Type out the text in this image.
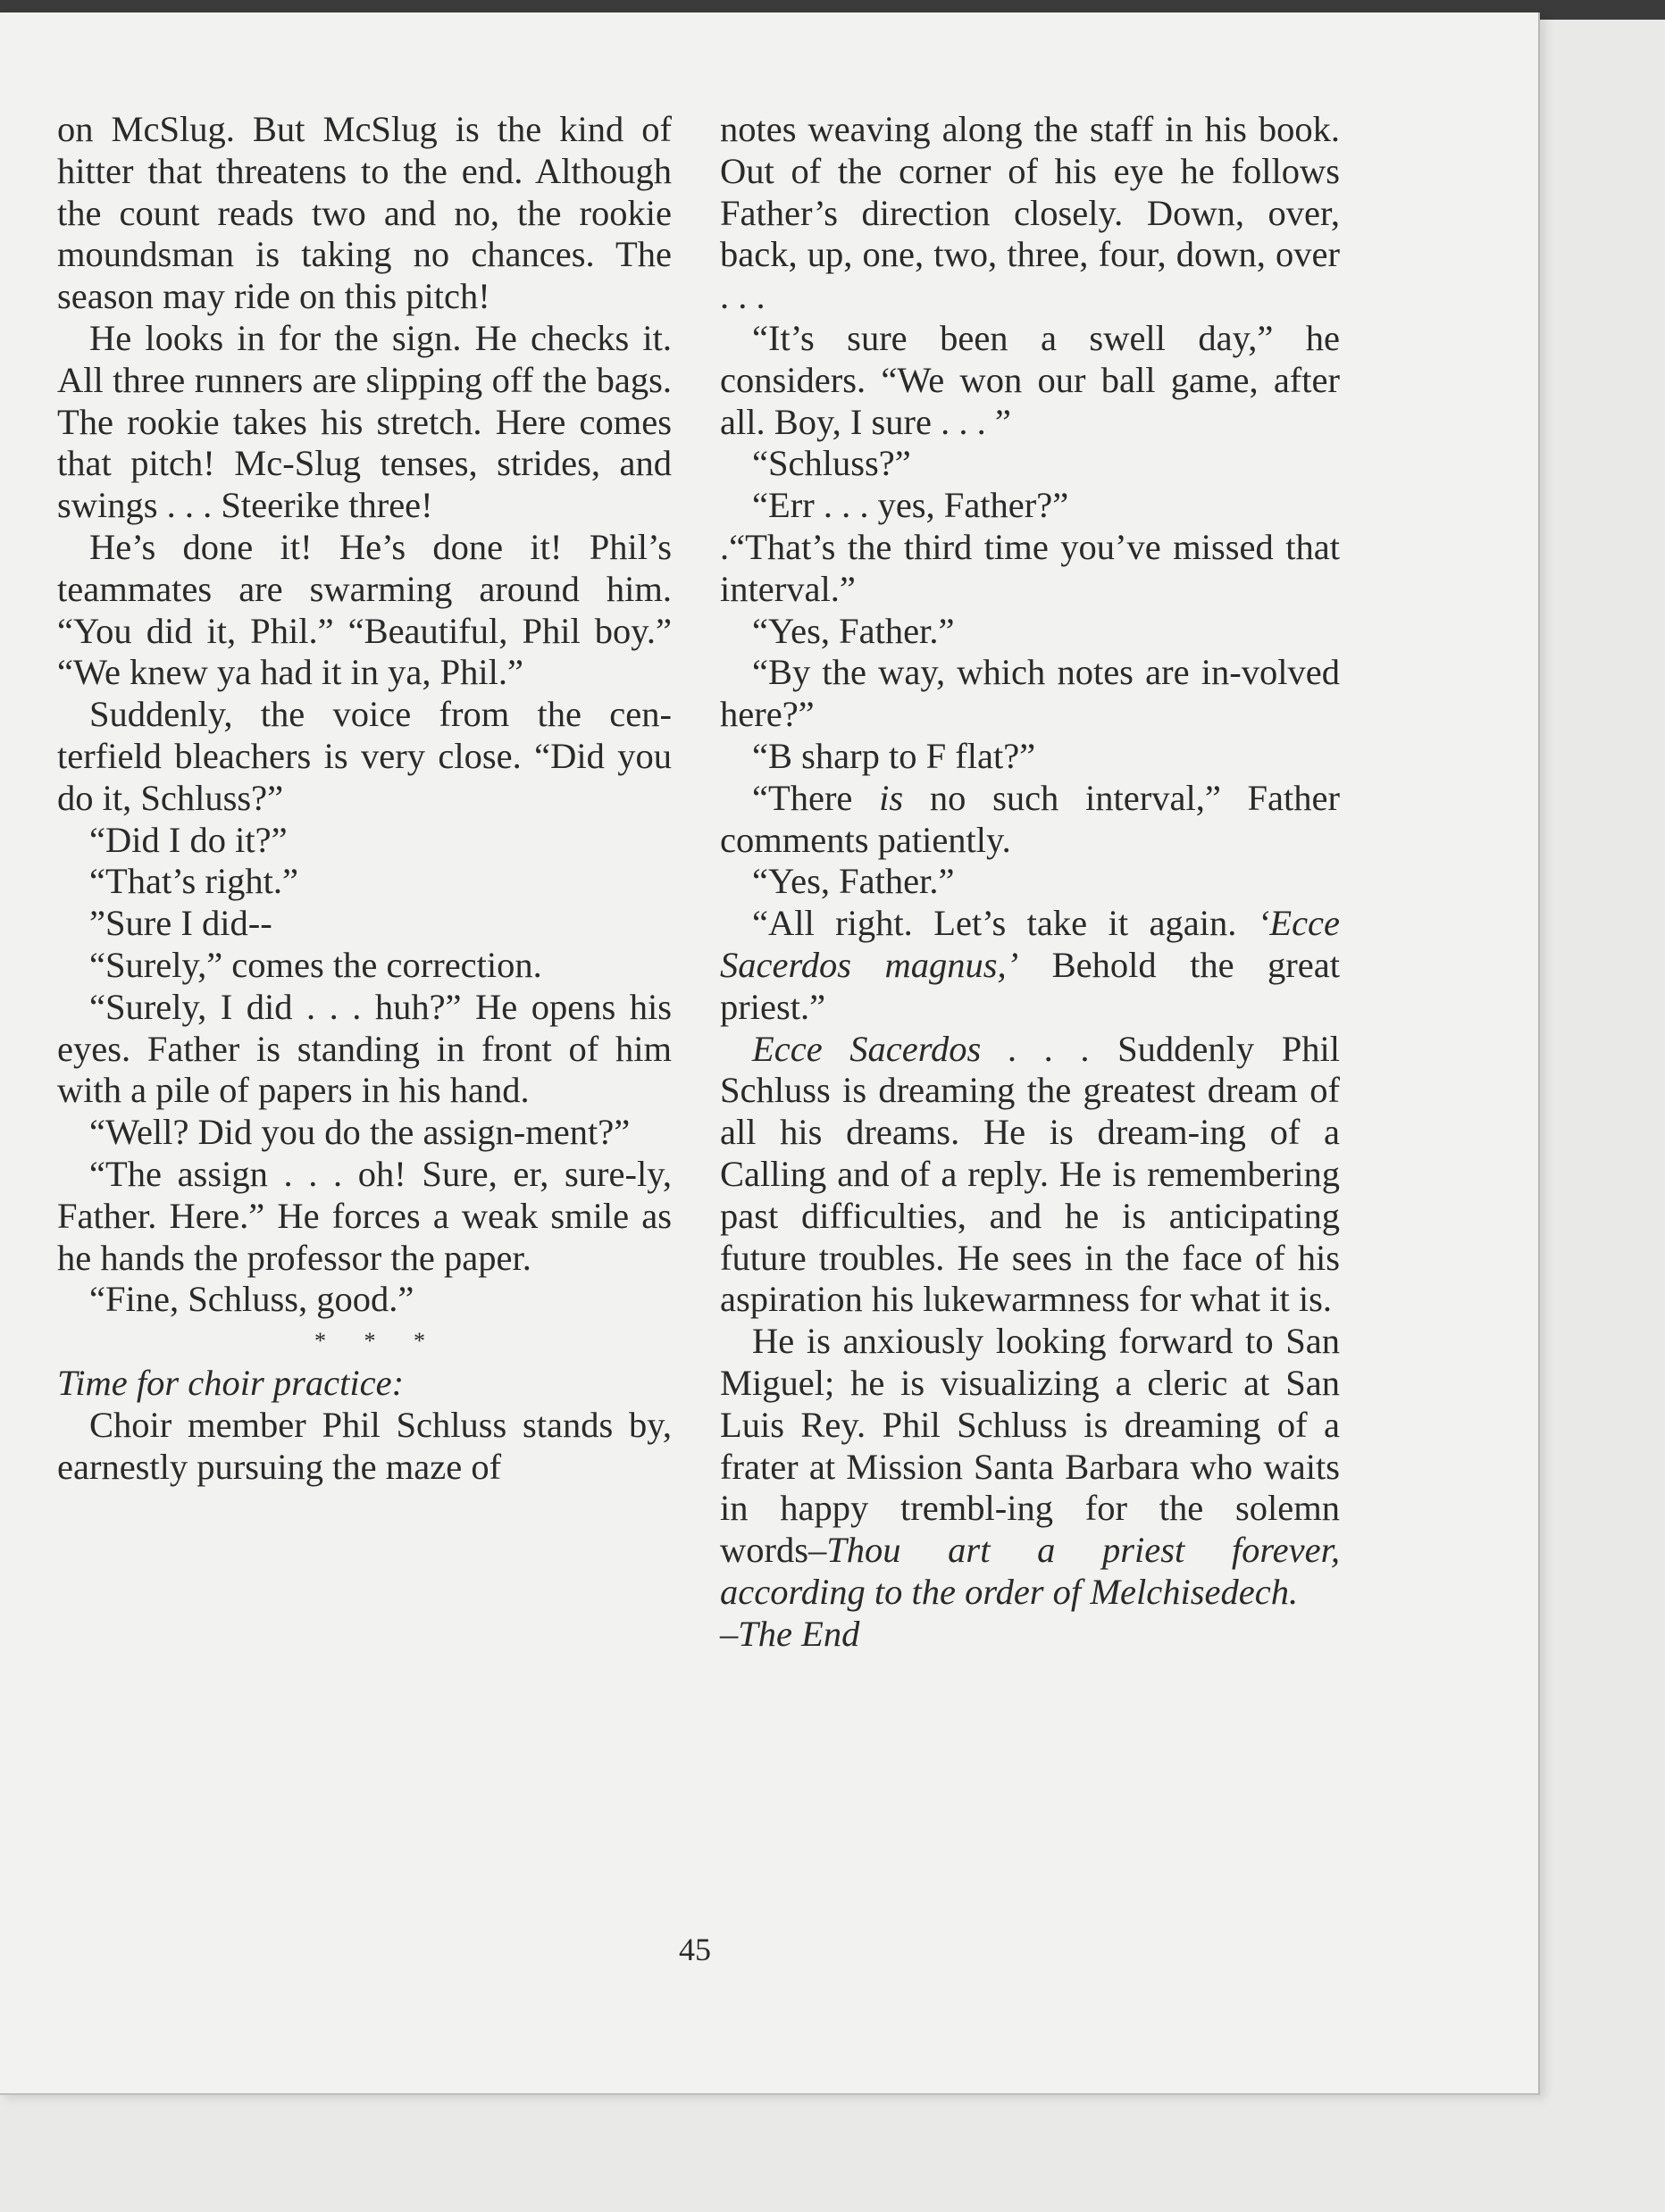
on McSlug. But McSlug is the kind of hitter that threatens to the end. Although the count reads two and no, the rookie moundsman is taking no chances. The season may ride on this pitch!

He looks in for the sign. He checks it. All three runners are slipping off the bags. The rookie takes his stretch. Here comes that pitch! Mc-Slug tenses, strides, and swings . . . Steerike three!

He’s done it! He’s done it! Phil’s teammates are swarming around him. “You did it, Phil.” “Beautiful, Phil boy.” “We knew ya had it in ya, Phil.”

Suddenly, the voice from the cen-terfield bleachers is very close. “Did you do it, Schluss?”

“Did I do it?”

“That’s right.”

”Sure I did--

“Surely,” comes the correction.

“Surely, I did . . . huh?” He opens his eyes. Father is standing in front of him with a pile of papers in his hand.

“Well? Did you do the assign-ment?”

“The assign . . . oh! Sure, er, sure-ly, Father. Here.” He forces a weak smile as he hands the professor the paper.

“Fine, Schluss, good.”

* * *

Time for choir practice:

Choir member Phil Schluss stands by, earnestly pursuing the maze of

notes weaving along the staff in his book. Out of the corner of his eye he follows Father’s direction closely. Down, over, back, up, one, two, three, four, down, over . . .

“It’s sure been a swell day,” he considers. “We won our ball game, after all. Boy, I sure . . . ”

“Schluss?”

“Err . . . yes, Father?”

.“That’s the third time you’ve missed that interval.”

“Yes, Father.”

“By the way, which notes are in-volved here?”

“B sharp to F flat?”

“There is no such interval,” Father comments patiently.

“Yes, Father.”

“All right. Let’s take it again. ‘Ecce Sacerdos magnus,’ Behold the great priest.”

Ecce Sacerdos . . . Suddenly Phil Schluss is dreaming the greatest dream of all his dreams. He is dream-ing of a Calling and of a reply. He is remembering past difficulties, and he is anticipating future troubles. He sees in the face of his aspiration his lukewarmness for what it is.

He is anxiously looking forward to San Miguel; he is visualizing a cleric at San Luis Rey. Phil Schluss is dreaming of a frater at Mission Santa Barbara who waits in happy trembl-ing for the solemn words–Thou art a priest forever, according to the order of Melchisedech.

–The End

45
